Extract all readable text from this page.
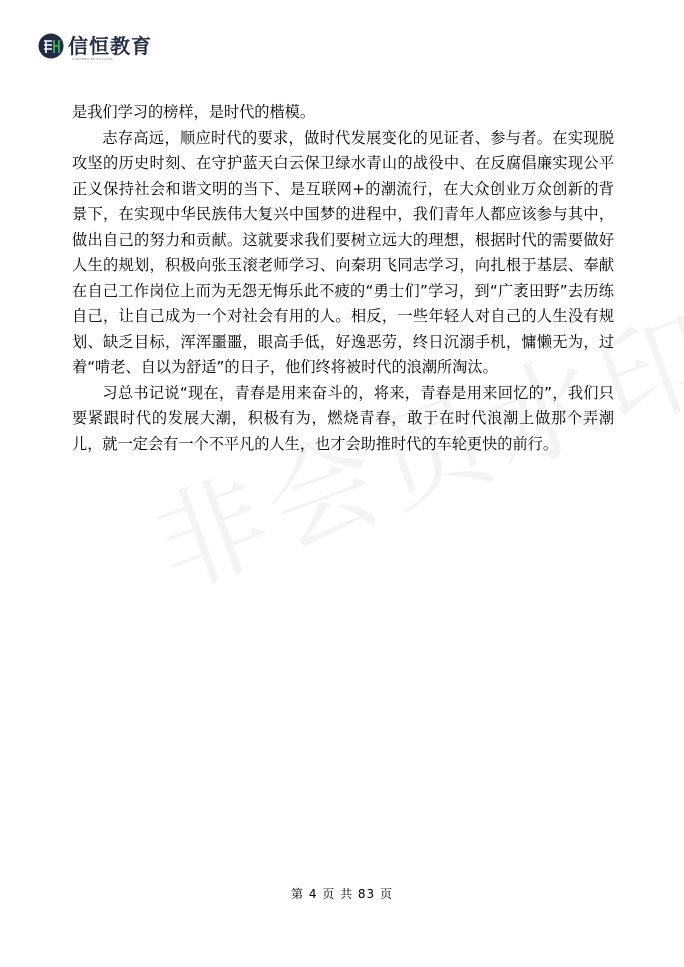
信恒教育
XINHENG EDUCATION

是我们学习的榜样，是时代的楷模。

志存高远，顺应时代的要求，做时代发展变化的见证者、参与者。在实现脱攻坚的历史时刻、在守护蓝天白云保卫绿水青山的战役中、在反腐倡廉实现公平正义保持社会和谐文明的当下、是互联网+的潮流行，在大众创业万众创新的背景下，在实现中华民族伟大复兴中国梦的进程中，我们青年人都应该参与其中，做出自己的努力和贡献。这就要求我们要树立远大的理想，根据时代的需要做好人生的规划，积极向张玉滚老师学习、向秦玥飞同志学习，向扎根于基层、奉献在自己工作岗位上而为无怨无悔乐此不疲的“勇士们”学习，到“广袤田野”去历练自己，让自己成为一个对社会有用的人。相反，一些年轻人对自己的人生没有规划、缺乏目标，浑浑噩噩，眼高手低，好逸恶劳，终日沉溺手机，慵懒无为，过着“啃老、自以为舒适”的日子，他们终将被时代的浪潮所淘汰。

习总书记说“现在，青春是用来奋斗的，将来，青春是用来回忆的”，我们只要紧跟时代的发展大潮，积极有为，燃烧青春，敢于在时代浪潮上做那个弄潮儿，就一定会有一个不平凡的人生，也才会助推时代的车轮更快的前行。

第 4 页 共 83 页
